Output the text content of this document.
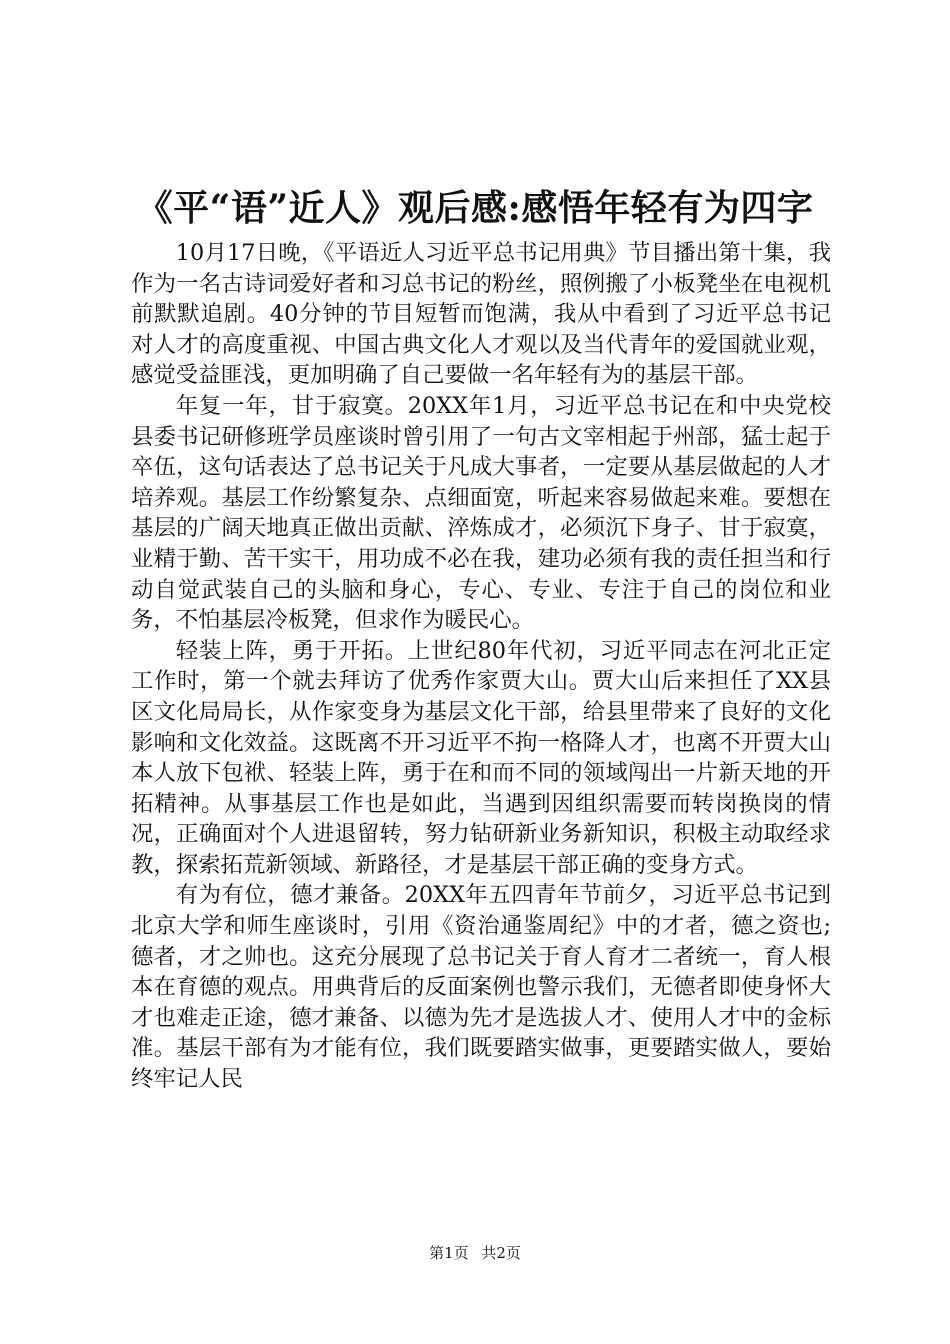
《平“语”近人》观后感:感悟年轻有为四字

10月17日晚，《平语近人习近平总书记用典》节目播出第十集，我作为一名古诗词爱好者和习总书记的粉丝，照例搬了小板凳坐在电视机前默默追剧。40分钟的节目短暂而饱满，我从中看到了习近平总书记对人才的高度重视、中国古典文化人才观以及当代青年的爱国就业观，感觉受益匪浅，更加明确了自己要做一名年轻有为的基层干部。

年复一年，甘于寂寞。20XX年1月，习近平总书记在和中央党校县委书记研修班学员座谈时曾引用了一句古文宰相起于州部，猛士起于卒伍，这句话表达了总书记关于凡成大事者，一定要从基层做起的人才培养观。基层工作纷繁复杂、点细面宽，听起来容易做起来难。要想在基层的广阔天地真正做出贡献、淬炼成才，必须沉下身子、甘于寂寞，业精于勤、苦干实干，用功成不必在我，建功必须有我的责任担当和行动自觉武装自己的头脑和身心，专心、专业、专注于自己的岗位和业务，不怕基层冷板凳，但求作为暖民心。

轻装上阵，勇于开拓。上世纪80年代初，习近平同志在河北正定工作时，第一个就去拜访了优秀作家贾大山。贾大山后来担任了XX县区文化局局长，从作家变身为基层文化干部，给县里带来了良好的文化影响和文化效益。这既离不开习近平不拘一格降人才，也离不开贾大山本人放下包袱、轻装上阵，勇于在和而不同的领域闯出一片新天地的开拓精神。从事基层工作也是如此，当遇到因组织需要而转岗换岗的情况，正确面对个人进退留转，努力钻研新业务新知识，积极主动取经求教，探索拓荒新领域、新路径，才是基层干部正确的变身方式。

有为有位，德才兼备。20XX年五四青年节前夕，习近平总书记到北京大学和师生座谈时，引用《资治通鉴周纪》中的才者，德之资也;德者，才之帅也。这充分展现了总书记关于育人育才二者统一，育人根本在育德的观点。用典背后的反面案例也警示我们，无德者即使身怀大才也难走正途，德才兼备、以德为先才是选拔人才、使用人才中的金标准。基层干部有为才能有位，我们既要踏实做事，更要踏实做人，要始终牢记人民

第1页 共2页
